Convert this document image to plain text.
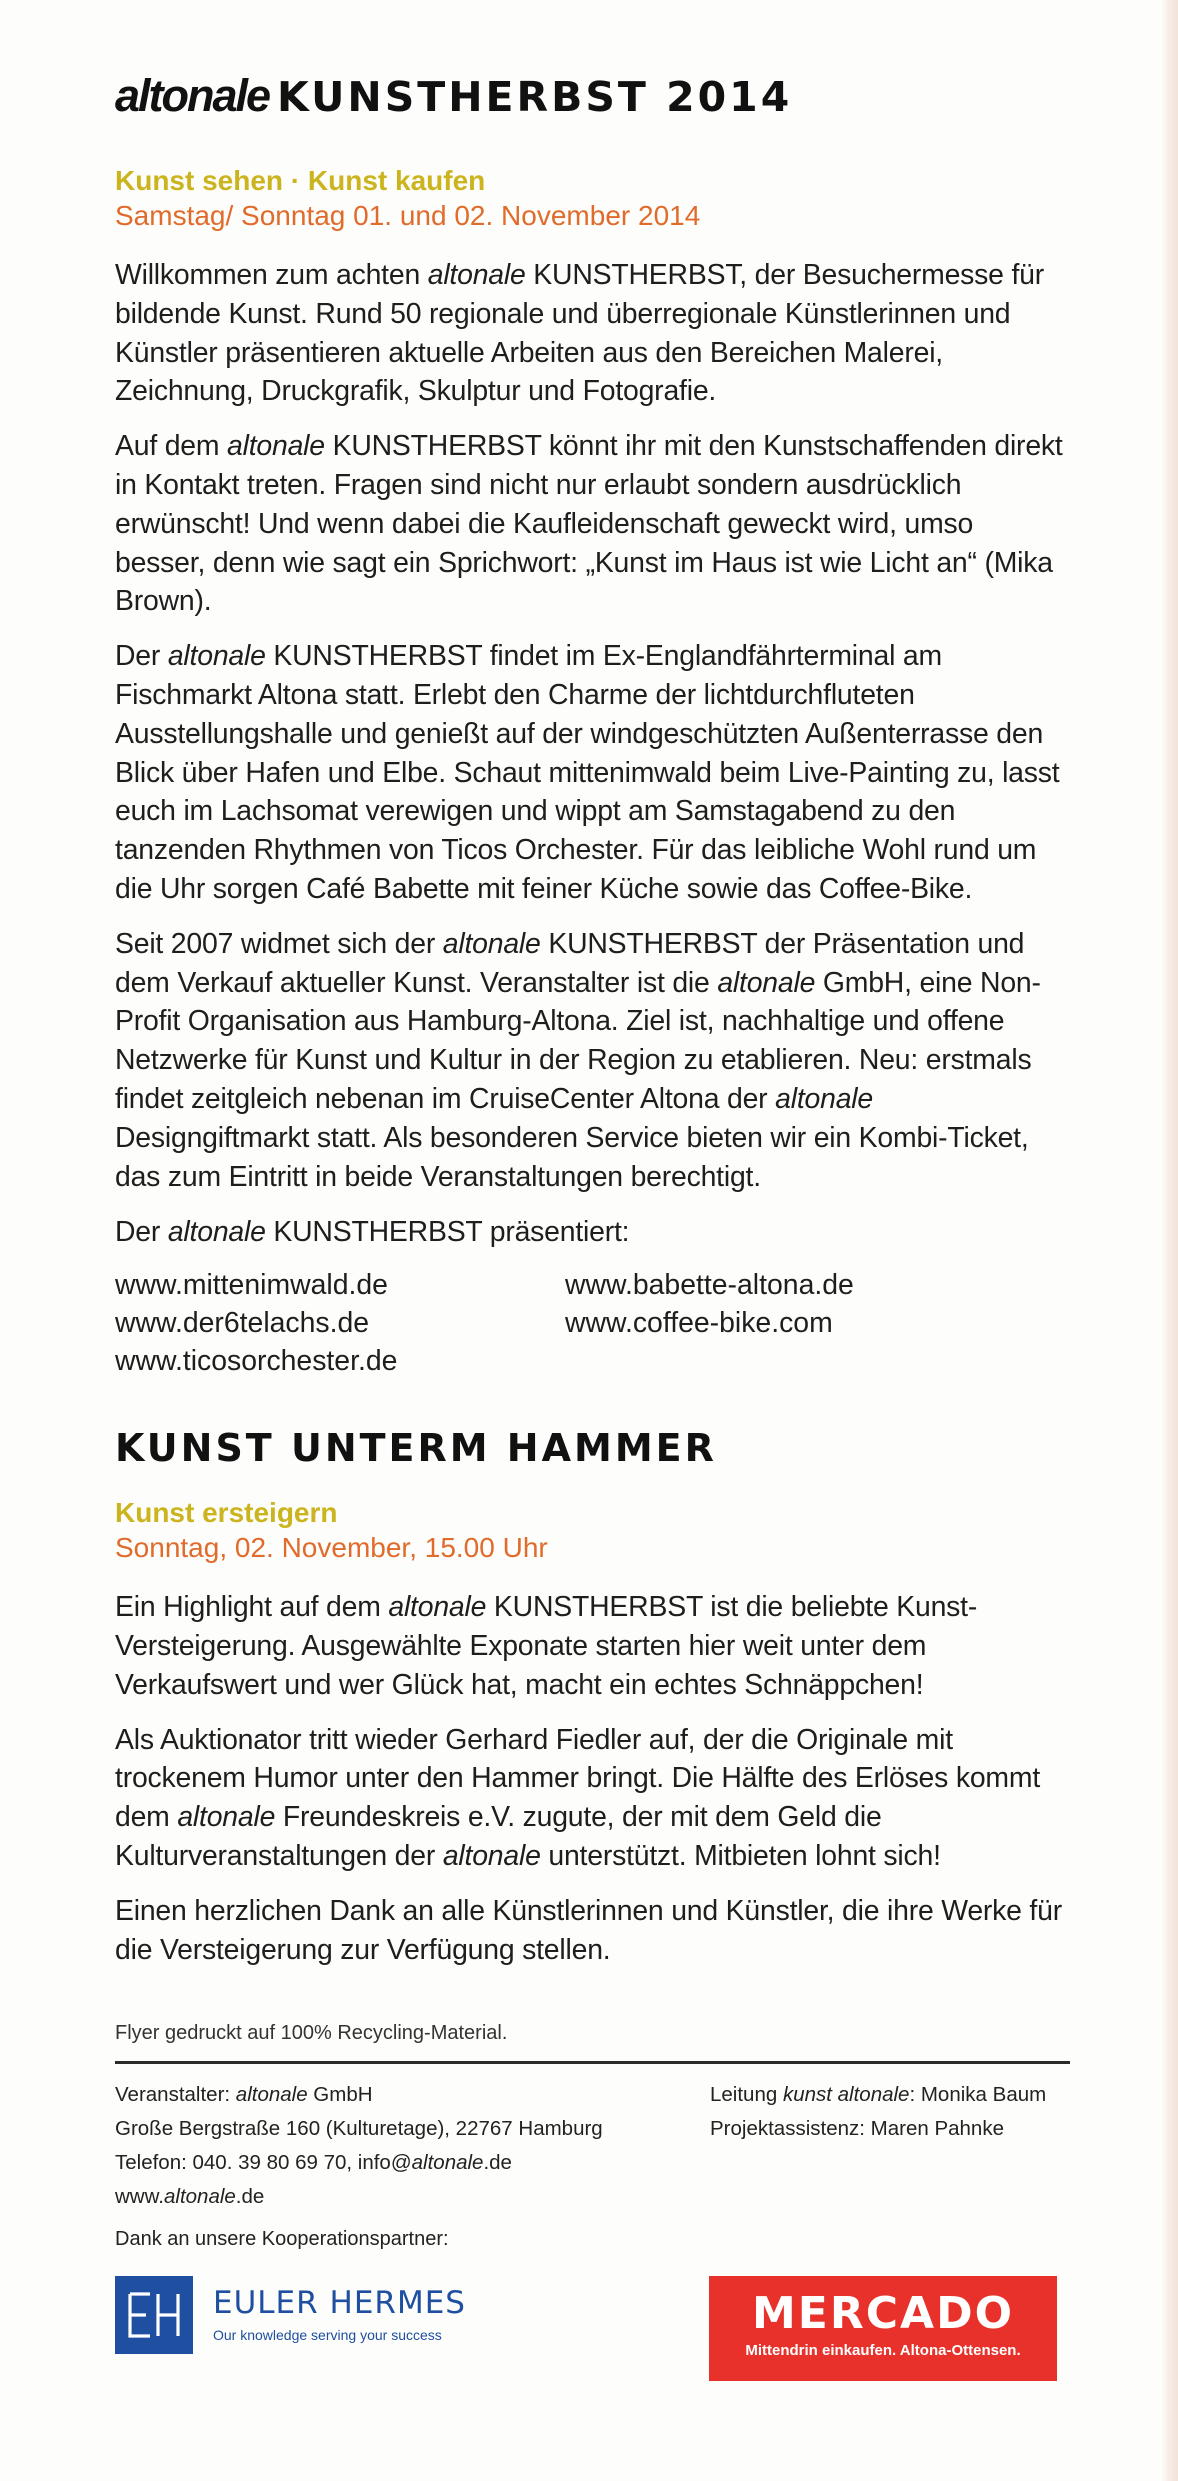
altonale KUNSTHERBST 2014
Kunst sehen · Kunst kaufen
Samstag/ Sonntag 01. und 02. November 2014

Willkommen zum achten altonale KUNSTHERBST, der Besuchermesse für bildende Kunst. Rund 50 regionale und überregionale Künstlerinnen und Künstler präsentieren aktuelle Arbeiten aus den Bereichen Malerei, Zeichnung, Druckgrafik, Skulptur und Fotografie.

Auf dem altonale KUNSTHERBST könnt ihr mit den Kunstschaffenden direkt in Kontakt treten. Fragen sind nicht nur erlaubt sondern ausdrücklich erwünscht! Und wenn dabei die Kaufleidenschaft geweckt wird, umso besser, denn wie sagt ein Sprichwort: „Kunst im Haus ist wie Licht an“ (Mika Brown).

Der altonale KUNSTHERBST findet im Ex-Englandfährterminal am Fischmarkt Altona statt. Erlebt den Charme der lichtdurchfluteten Ausstellungshalle und genießt auf der windgeschützten Außenterrasse den Blick über Hafen und Elbe. Schaut mittenimwald beim Live-Painting zu, lasst euch im Lachsomat verewigen und wippt am Samstagabend zu den tanzenden Rhythmen von Ticos Orchester. Für das leibliche Wohl rund um die Uhr sorgen Café Babette mit feiner Küche sowie das Coffee-Bike.

Seit 2007 widmet sich der altonale KUNSTHERBST der Präsentation und dem Verkauf aktueller Kunst. Veranstalter ist die altonale GmbH, eine Non-Profit Organisation aus Hamburg-Altona. Ziel ist, nachhaltige und offene Netzwerke für Kunst und Kultur in der Region zu etablieren. Neu: erstmals findet zeitgleich nebenan im CruiseCenter Altona der altonale Designgiftmarkt statt. Als besonderen Service bieten wir ein Kombi-Ticket, das zum Eintritt in beide Veranstaltungen berechtigt.

Der altonale KUNSTHERBST präsentiert:

www.mittenimwald.de	www.babette-altona.de
www.der6telachs.de	www.coffee-bike.com
www.ticosorchester.de
KUNST UNTERM HAMMER
Kunst ersteigern
Sonntag, 02. November, 15.00 Uhr

Ein Highlight auf dem altonale KUNSTHERBST ist die beliebte Kunst-Versteigerung. Ausgewählte Exponate starten hier weit unter dem Verkaufswert und wer Glück hat, macht ein echtes Schnäppchen!

Als Auktionator tritt wieder Gerhard Fiedler auf, der die Originale mit trockenem Humor unter den Hammer bringt. Die Hälfte des Erlöses kommt dem altonale Freundeskreis e.V. zugute, der mit dem Geld die Kulturveranstaltungen der altonale unterstützt. Mitbieten lohnt sich!

Einen herzlichen Dank an alle Künstlerinnen und Künstler, die ihre Werke für die Versteigerung zur Verfügung stellen.

Flyer gedruckt auf 100% Recycling-Material.
Veranstalter: altonale GmbH
Große Bergstraße 160 (Kulturetage), 22767 Hamburg
Telefon: 040. 39 80 69 70, info@altonale.de
www.altonale.de
Leitung kunst altonale: Monika Baum
Projektassistenz: Maren Pahnke
Dank an unsere Kooperationspartner:
EULER HERMES
Our knowledge serving your success	MERCADO
Mittendrin einkaufen. Altona-Ottensen.
